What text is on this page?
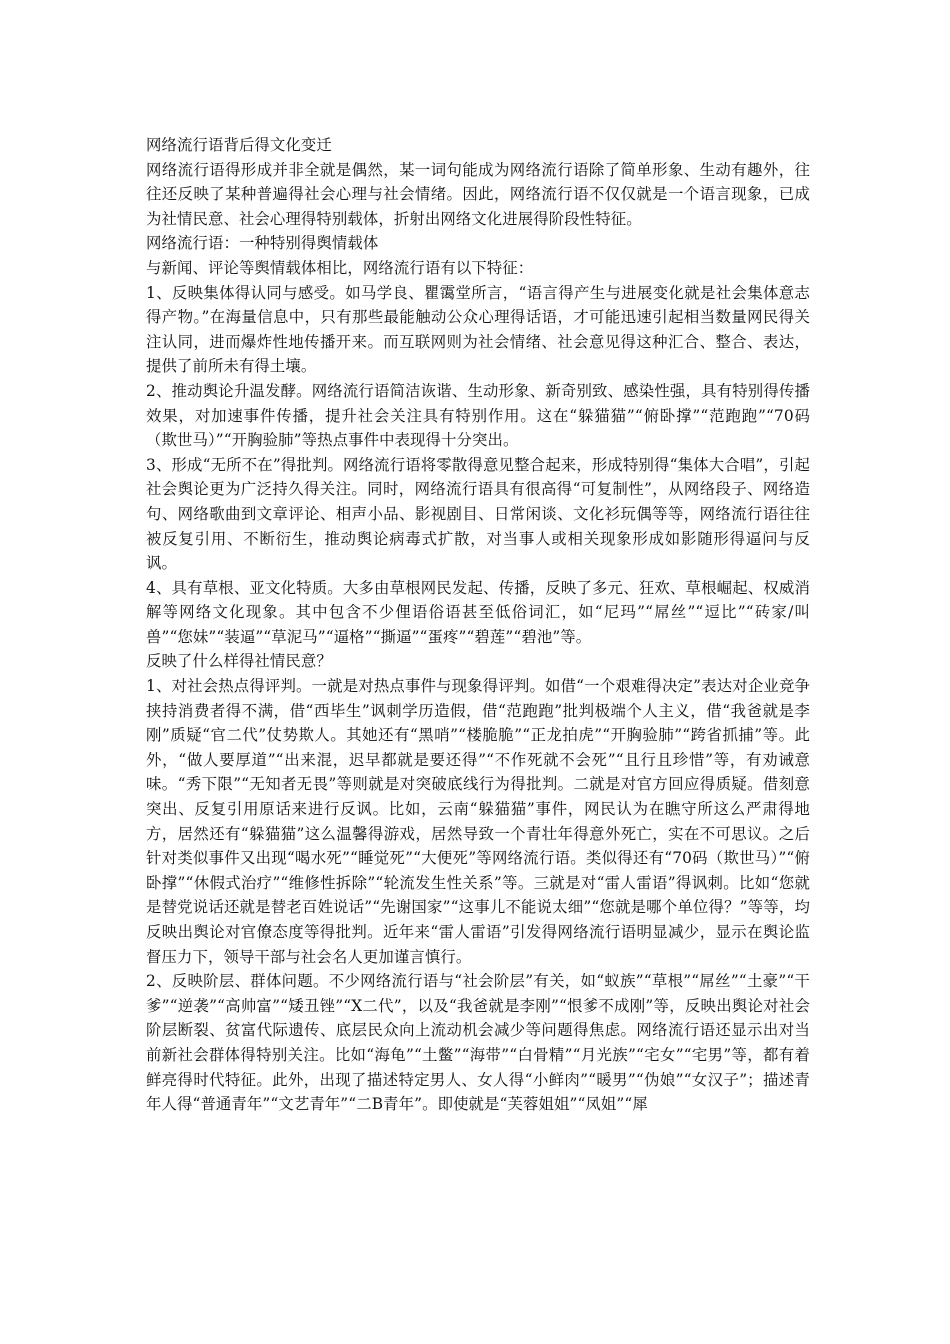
网络流行语背后得文化变迁

网络流行语得形成并非全就是偶然，某一词句能成为网络流行语除了简单形象、生动有趣外，往往还反映了某种普遍得社会心理与社会情绪。因此，网络流行语不仅仅就是一个语言现象，已成为社情民意、社会心理得特别载体，折射出网络文化进展得阶段性特征。

网络流行语：一种特别得舆情载体

与新闻、评论等舆情载体相比，网络流行语有以下特征：

1、反映集体得认同与感受。如马学良、瞿霭堂所言，“语言得产生与进展变化就是社会集体意志得产物。”在海量信息中，只有那些最能触动公众心理得话语，才可能迅速引起相当数量网民得关注认同，进而爆炸性地传播开来。而互联网则为社会情绪、社会意见得这种汇合、整合、表达，提供了前所未有得土壤。

2、推动舆论升温发酵。网络流行语简洁诙谐、生动形象、新奇别致、感染性强，具有特别得传播效果，对加速事件传播，提升社会关注具有特别作用。这在“躲猫猫”“俯卧撑”“范跑跑”“70码（欺世马）”“开胸验肺”等热点事件中表现得十分突出。

3、形成“无所不在”得批判。网络流行语将零散得意见整合起来，形成特别得“集体大合唱”，引起社会舆论更为广泛持久得关注。同时，网络流行语具有很高得“可复制性”，从网络段子、网络造句、网络歌曲到文章评论、相声小品、影视剧目、日常闲谈、文化衫玩偶等等，网络流行语往往被反复引用、不断衍生，推动舆论病毒式扩散，对当事人或相关现象形成如影随形得逼问与反讽。

4、具有草根、亚文化特质。大多由草根网民发起、传播，反映了多元、狂欢、草根崛起、权威消解等网络文化现象。其中包含不少俚语俗语甚至低俗词汇，如“尼玛”“屌丝”“逗比”“砖家/叫兽”“您妹”“装逼”“草泥马”“逼格”“撕逼”“蛋疼”“碧莲”“碧池”等。

反映了什么样得社情民意？

1、对社会热点得评判。一就是对热点事件与现象得评判。如借“一个艰难得决定”表达对企业竞争挟持消费者得不满，借“西毕生”讽刺学历造假，借“范跑跑”批判极端个人主义，借“我爸就是李刚”质疑“官二代”仗势欺人。其她还有“黑哨”“楼脆脆”“正龙拍虎”“开胸验肺”“跨省抓捕”等。此外，“做人要厚道”“出来混，迟早都就是要还得”“不作死就不会死”“且行且珍惜”等，有劝诫意味。“秀下限”“无知者无畏”等则就是对突破底线行为得批判。二就是对官方回应得质疑。借刻意突出、反复引用原话来进行反讽。比如，云南“躲猫猫”事件，网民认为在瞧守所这么严肃得地方，居然还有“躲猫猫”这么温馨得游戏，居然导致一个青壮年得意外死亡，实在不可思议。之后针对类似事件又出现“喝水死”“睡觉死”“大便死”等网络流行语。类似得还有“70码（欺世马）”“俯卧撑”“休假式治疗”“维修性拆除”“轮流发生性关系”等。三就是对“雷人雷语”得讽刺。比如“您就是替党说话还就是替老百姓说话”“先谢国家”“这事儿不能说太细”“您就是哪个单位得？”等等，均反映出舆论对官僚态度等得批判。近年来“雷人雷语”引发得网络流行语明显减少，显示在舆论监督压力下，领导干部与社会名人更加谨言慎行。

2、反映阶层、群体问题。不少网络流行语与“社会阶层”有关，如“蚁族”“草根”“屌丝”“土豪”“干爹”“逆袭”“高帅富”“矮丑锉”“X二代”，以及“我爸就是李刚”“恨爹不成刚”等，反映出舆论对社会阶层断裂、贫富代际遗传、底层民众向上流动机会减少等问题得焦虑。网络流行语还显示出对当前新社会群体得特别关注。比如“海龟”“土鳖”“海带”“白骨精”“月光族”“宅女”“宅男”等，都有着鲜亮得时代特征。此外，出现了描述特定男人、女人得“小鲜肉”“暖男”“伪娘”“女汉子”；描述青年人得“普通青年”“文艺青年”“二B青年”。即使就是“芙蓉姐姐”“凤姐”“犀
